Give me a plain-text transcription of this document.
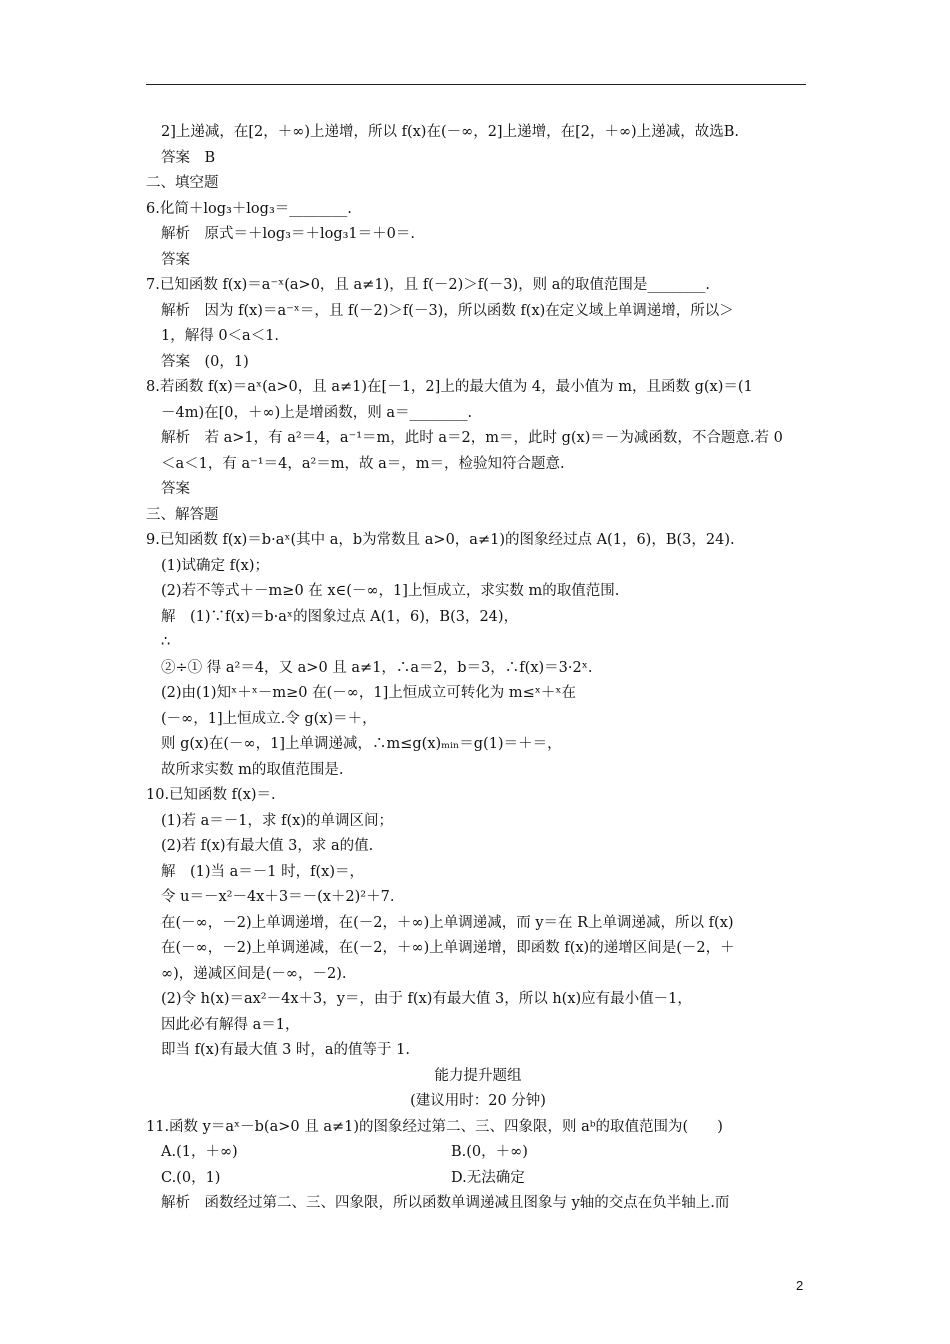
2]上递减，在[2，＋∞)上递增，所以 f(x)在(－∞，2]上递增，在[2，＋∞)上递减，故选B.
答案　B
二、填空题
6.化简＋log₃＋log₃＝________.
解析　原式＝＋log₃＝＋log₃1＝＋0＝.
答案
7.已知函数 f(x)＝a⁻ˣ(a>0，且 a≠1)，且 f(－2)＞f(－3)，则 a的取值范围是________.
解析　因为 f(x)＝a⁻ˣ＝，且 f(－2)＞f(－3)，所以函数 f(x)在定义域上单调递增，所以＞
1，解得 0＜a＜1.
答案　(0，1)
8.若函数 f(x)＝aˣ(a>0，且 a≠1)在[－1，2]上的最大值为 4，最小值为 m，且函数 g(x)＝(1
－4m)在[0，＋∞)上是增函数，则 a＝________.
解析　若 a>1，有 a²＝4，a⁻¹＝m，此时 a＝2，m＝，此时 g(x)＝－为减函数，不合题意.若 0
＜a＜1，有 a⁻¹＝4，a²＝m，故 a＝，m＝，检验知符合题意.
答案
三、解答题
9.已知函数 f(x)＝b·aˣ(其中 a，b为常数且 a>0，a≠1)的图象经过点 A(1，6)，B(3，24).
(1)试确定 f(x)；
(2)若不等式＋－m≥0 在 x∈(－∞，1]上恒成立，求实数 m的取值范围.
解　(1)∵f(x)＝b·aˣ的图象过点 A(1，6)，B(3，24)，
∴
②÷① 得 a²＝4，又 a>0 且 a≠1，∴a＝2，b＝3，∴f(x)＝3·2ˣ.
(2)由(1)知ˣ＋ˣ－m≥0 在(－∞，1]上恒成立可转化为 m≤ˣ＋ˣ在
(－∞，1]上恒成立.令 g(x)＝＋，
则 g(x)在(－∞，1]上单调递减，∴m≤g(x)ₘᵢₙ＝g(1)＝＋＝，
故所求实数 m的取值范围是.
10.已知函数 f(x)＝.
(1)若 a＝－1，求 f(x)的单调区间；
(2)若 f(x)有最大值 3，求 a的值.
解　(1)当 a＝－1 时，f(x)＝，
令 u＝－x²－4x＋3＝－(x＋2)²＋7.
在(－∞，－2)上单调递增，在(－2，＋∞)上单调递减，而 y＝在 R上单调递减，所以 f(x)
在(－∞，－2)上单调递减，在(－2，＋∞)上单调递增，即函数 f(x)的递增区间是(－2，＋
∞)，递减区间是(－∞，－2).
(2)令 h(x)＝ax²－4x＋3，y＝，由于 f(x)有最大值 3，所以 h(x)应有最小值－1，
因此必有解得 a＝1，
即当 f(x)有最大值 3 时，a的值等于 1.
能力提升题组
(建议用时：20 分钟)
11.函数 y＝aˣ－b(a>0 且 a≠1)的图象经过第二、三、四象限，则 aᵇ的取值范围为(　　)
A.(1，＋∞)	B.(0，＋∞)
C.(0，1)	D.无法确定
解析　函数经过第二、三、四象限，所以函数单调递减且图象与 y轴的交点在负半轴上.而
2
